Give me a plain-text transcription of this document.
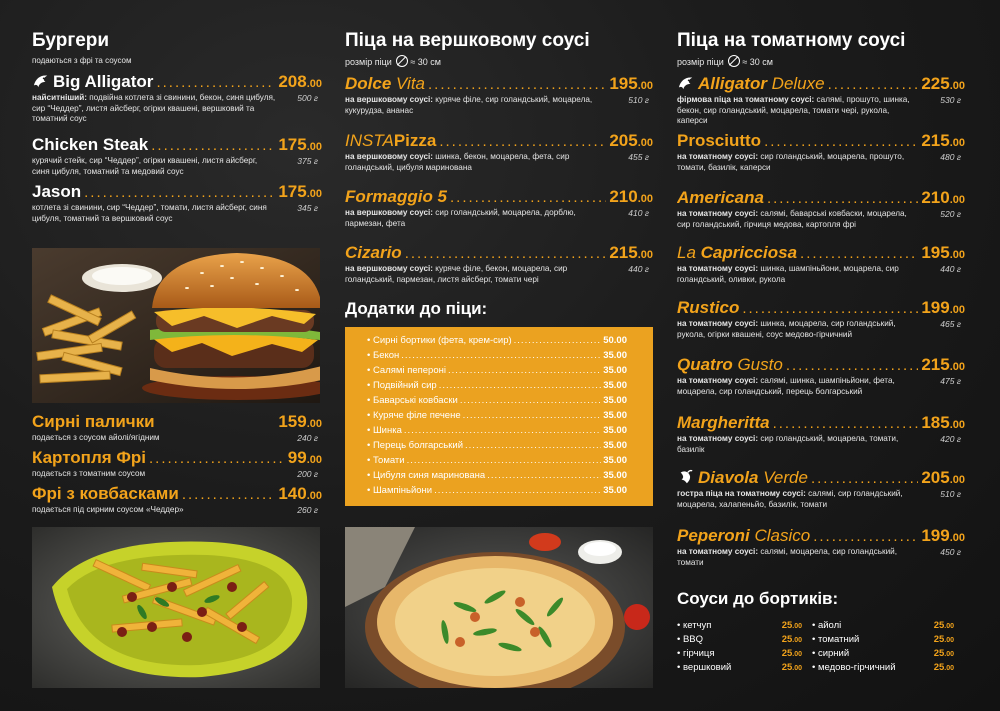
Бургери
подаються з фрі та соусом
Big Alligator .....	208.00
найситніший: подвійна котлета зі свинини, бекон, синя цибуля, сир “Чеддер”, листя айсберг, огірки квашені, вершковий та томатний соус
500 г
Chicken Steak .....	175.00
курячий стейк, сир “Чеддер”, огірки квашені, листя айсберг, синя цибуля, томатний та медовий соус
375 г
Jason .....	175.00
котлета зі свинини, сир “Чеддер”, томати, листя айсберг, синя цибуля, томатний та вершковий соус
345 г
Сирні палички	159.00
подається з соусом айолі/ягідним	240 г
Картопля Фрі .....	99.00
подається з томатним соусом	200 г
Фрі з ковбасками .....	140.00
подається під сирним соусом «Чеддер»	260 г
Піца на вершковому соусі
розмір піци ≈ 30 см
Dolce Vita .....	195.00
на вершковому соусі: куряче філе, сир голандський, моцарела, кукурудза, ананас
510 г
INSTAPizza .....	205.00
на вершковому соусі: шинка, бекон, моцарела, фета, сир голандський, цибуля маринована
455 г
Formaggio 5 .....	210.00
на вершковому соусі: сир голандський, моцарела, дорблю, пармезан, фета
410 г
Cizario .....	215.00
на вершковому соусі: куряче філе, бекон, моцарела, сир голандський, пармезан, листя айсберг, томати чері
440 г
Додатки до піци:
• Сирні бортики (фета, крем-сир) .....	50.00
• Бекон .....	35.00
• Салямі пепероні .....	35.00
• Подвійний сир .....	35.00
• Баварські ковбаски .....	35.00
• Куряче філе печене .....	35.00
• Шинка .....	35.00
• Перець болгарський .....	35.00
• Томати .....	35.00
• Цибуля синя маринована .....	35.00
• Шампіньйони .....	35.00
Піца на томатному соусі
розмір піци ≈ 30 см
Alligator Deluxe .....	225.00
фірмова піца на томатному соусі: салямі, прошуто, шинка, бекон, сир голандський, моцарела, томати чері, рукола, каперси
530 г
Prosciutto .....	215.00
на томатному соусі: сир голандський, моцарела, прошуто, томати, базилік, каперси
480 г
Americana .....	210.00
на томатному соусі: салямі, баварські ковбаски, моцарела, сир голандський, гірчиця медова, картопля фрі
520 г
La Capricciosa .....	195.00
на томатному соусі: шинка, шампіньйони, моцарела, сир голандський, оливки, рукола
440 г
Rustico .....	199.00
на томатному соусі: шинка, моцарела, сир голандський, рукола, огірки квашені, соус медово-гірчичний
465 г
Quatro Gusto .....	215.00
на томатному соусі: салямі, шинка, шампіньйони, фета, моцарела, сир голандський, перець болгарський
475 г
Margheritta .....	185.00
на томатному соусі: сир голандський, моцарела, томати, базилік
420 г
Diavola Verde .....	205.00
гостра піца на томатному соусі: салямі, сир голандський, моцарела, халапеньйо, базилік, томати
510 г
Peperoni Clasico .....	199.00
на томатному соусі: салямі, моцарела, сир голандський, томати
450 г
Соуси до бортиків:
• кетчуп	25.00
• BBQ	25.00
• гірчиця	25.00
• вершковий	25.00
• айолі	25.00
• томатний	25.00
• сирний	25.00
• медово-гірчичний	25.00
